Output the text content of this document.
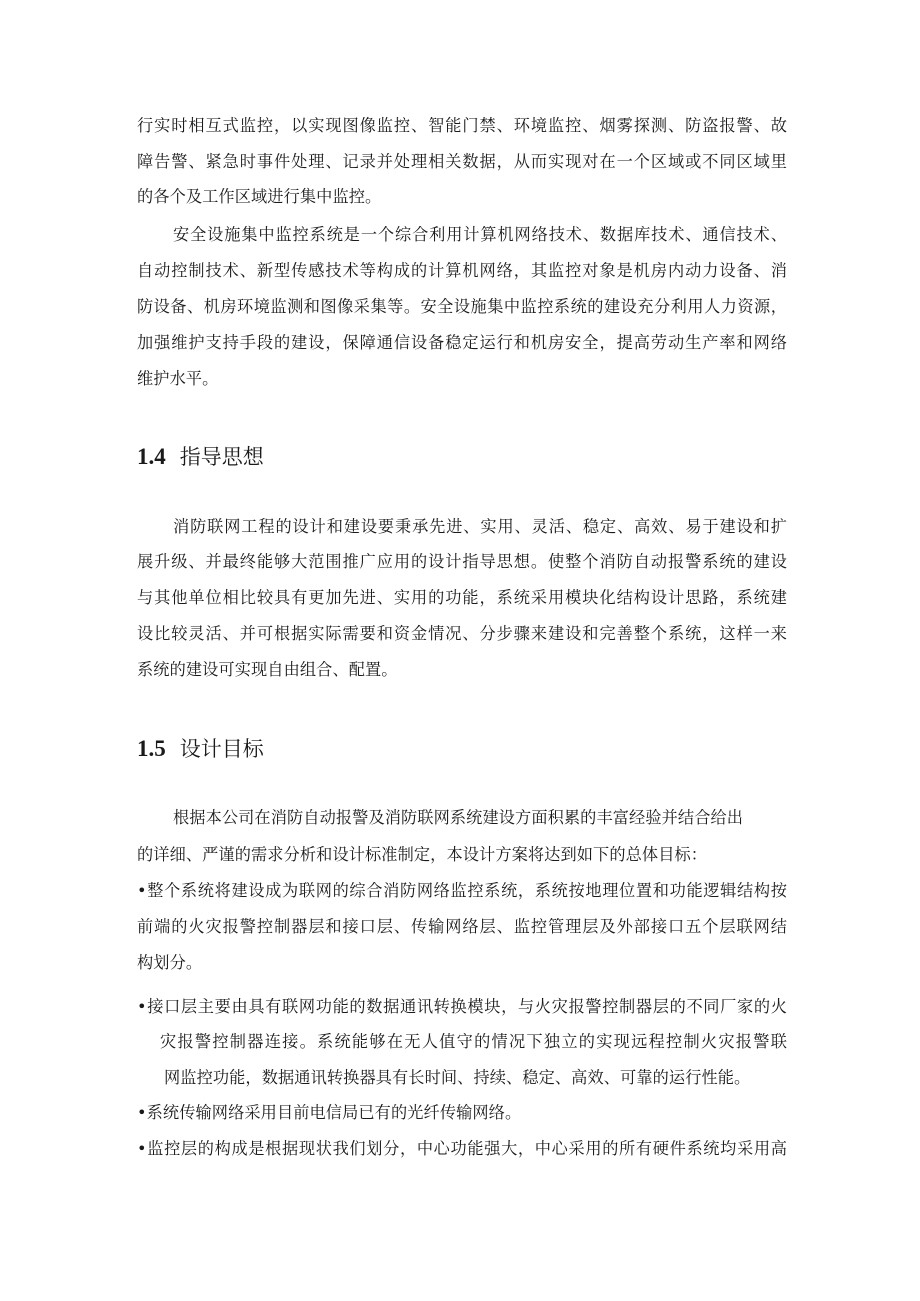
行实时相互式监控，以实现图像监控、智能门禁、环境监控、烟雾探测、防盗报警、故
障告警、紧急时事件处理、记录并处理相关数据，从而实现对在一个区域或不同区域里
的各个及工作区域进行集中监控。
安全设施集中监控系统是一个综合利用计算机网络技术、数据库技术、通信技术、
自动控制技术、新型传感技术等构成的计算机网络，其监控对象是机房内动力设备、消
防设备、机房环境监测和图像采集等。安全设施集中监控系统的建设充分利用人力资源，
加强维护支持手段的建设，保障通信设备稳定运行和机房安全，提高劳动生产率和网络
维护水平。
1.4 指导思想
消防联网工程的设计和建设要秉承先进、实用、灵活、稳定、高效、易于建设和扩
展升级、并最终能够大范围推广应用的设计指导思想。使整个消防自动报警系统的建设
与其他单位相比较具有更加先进、实用的功能，系统采用模块化结构设计思路，系统建
设比较灵活、并可根据实际需要和资金情况、分步骤来建设和完善整个系统，这样一来
系统的建设可实现自由组合、配置。
1.5 设计目标
根据本公司在消防自动报警及消防联网系统建设方面积累的丰富经验并结合给出
的详细、严谨的需求分析和设计标准制定，本设计方案将达到如下的总体目标：
•整个系统将建设成为联网的综合消防网络监控系统，系统按地理位置和功能逻辑结构按
前端的火灾报警控制器层和接口层、传输网络层、监控管理层及外部接口五个层联网结
构划分。
•接口层主要由具有联网功能的数据通讯转换模块，与火灾报警控制器层的不同厂家的火
灾报警控制器连接。系统能够在无人值守的情况下独立的实现远程控制火灾报警联
网监控功能，数据通讯转换器具有长时间、持续、稳定、高效、可靠的运行性能。
•系统传输网络采用目前电信局已有的光纤传输网络。
•监控层的构成是根据现状我们划分，中心功能强大，中心采用的所有硬件系统均采用高
